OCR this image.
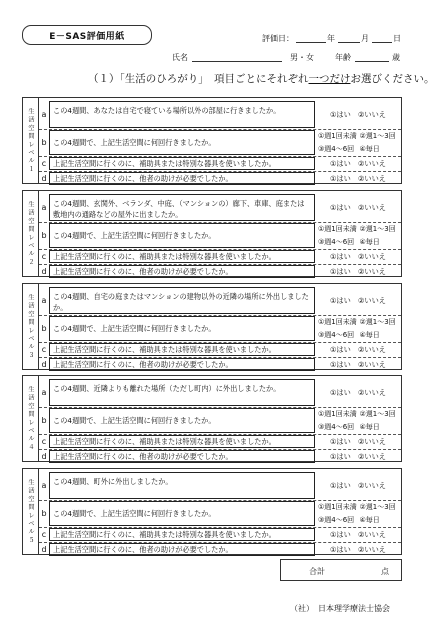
E－SAS評価用紙	評価日：	年	月	日
氏名	男・女	年齢	歳
（１）「生活のひろがり」　項目ごとにそれぞれ一つだけお選びください。
生活空間レベル１ a この4週間、あなたは自宅で寝ている場所以外の部屋に行きましたか。	①はい　②いいえ
b この4週間で、上記生活空間に何回行きましたか。
①週1回未満 ②週1～3回
③週4～6回 ④毎日
c 上記生活空間に行くのに、補助具または特別な器具を使いましたか。	①はい　②いいえ
d 上記生活空間に行くのに、他者の助けが必要でしたか。	①はい　②いいえ
生活空間レベル２ a この4週間、玄関外、ベランダ、中庭、（マンションの）廊下、車庫、庭または敷地内の通路などの屋外に出ましたか。
①はい　②いいえ
b この4週間で、上記生活空間に何回行きましたか。
①週1回未満 ②週1～3回
③週4～6回 ④毎日
c 上記生活空間に行くのに、補助具または特別な器具を使いましたか。	①はい　②いいえ
d 上記生活空間に行くのに、他者の助けが必要でしたか。	①はい　②いいえ
生活空間レベル３ a この4週間、自宅の庭またはマンションの建物以外の近隣の場所に外出しましたか。
①はい　②いいえ
b この4週間で、上記生活空間に何回行きましたか。
①週1回未満 ②週1～3回
③週4～6回 ④毎日
c 上記生活空間に行くのに、補助具または特別な器具を使いましたか。	①はい　②いいえ
d 上記生活空間に行くのに、他者の助けが必要でしたか。	①はい　②いいえ
生活空間レベル４ a この4週間、近隣よりも離れた場所（ただし町内）に外出しましたか。	①はい　②いいえ
b この4週間で、上記生活空間に何回行きましたか。
①週1回未満 ②週1～3回
③週4～6回 ④毎日
c 上記生活空間に行くのに、補助具または特別な器具を使いましたか。	①はい　②いいえ
d 上記生活空間に行くのに、他者の助けが必要でしたか。	①はい　②いいえ
生活空間レベル５ a この4週間、町外に外出しましたか。	①はい　②いいえ
b この4週間で、上記生活空間に何回行きましたか。
①週1回未満 ②週1～3回
③週4～6回 ④毎日
c 上記生活空間に行くのに、補助具または特別な器具を使いましたか。	①はい　②いいえ
d 上記生活空間に行くのに、他者の助けが必要でしたか。	①はい　②いいえ
合計	点
（社）　日本理学療法士協会
